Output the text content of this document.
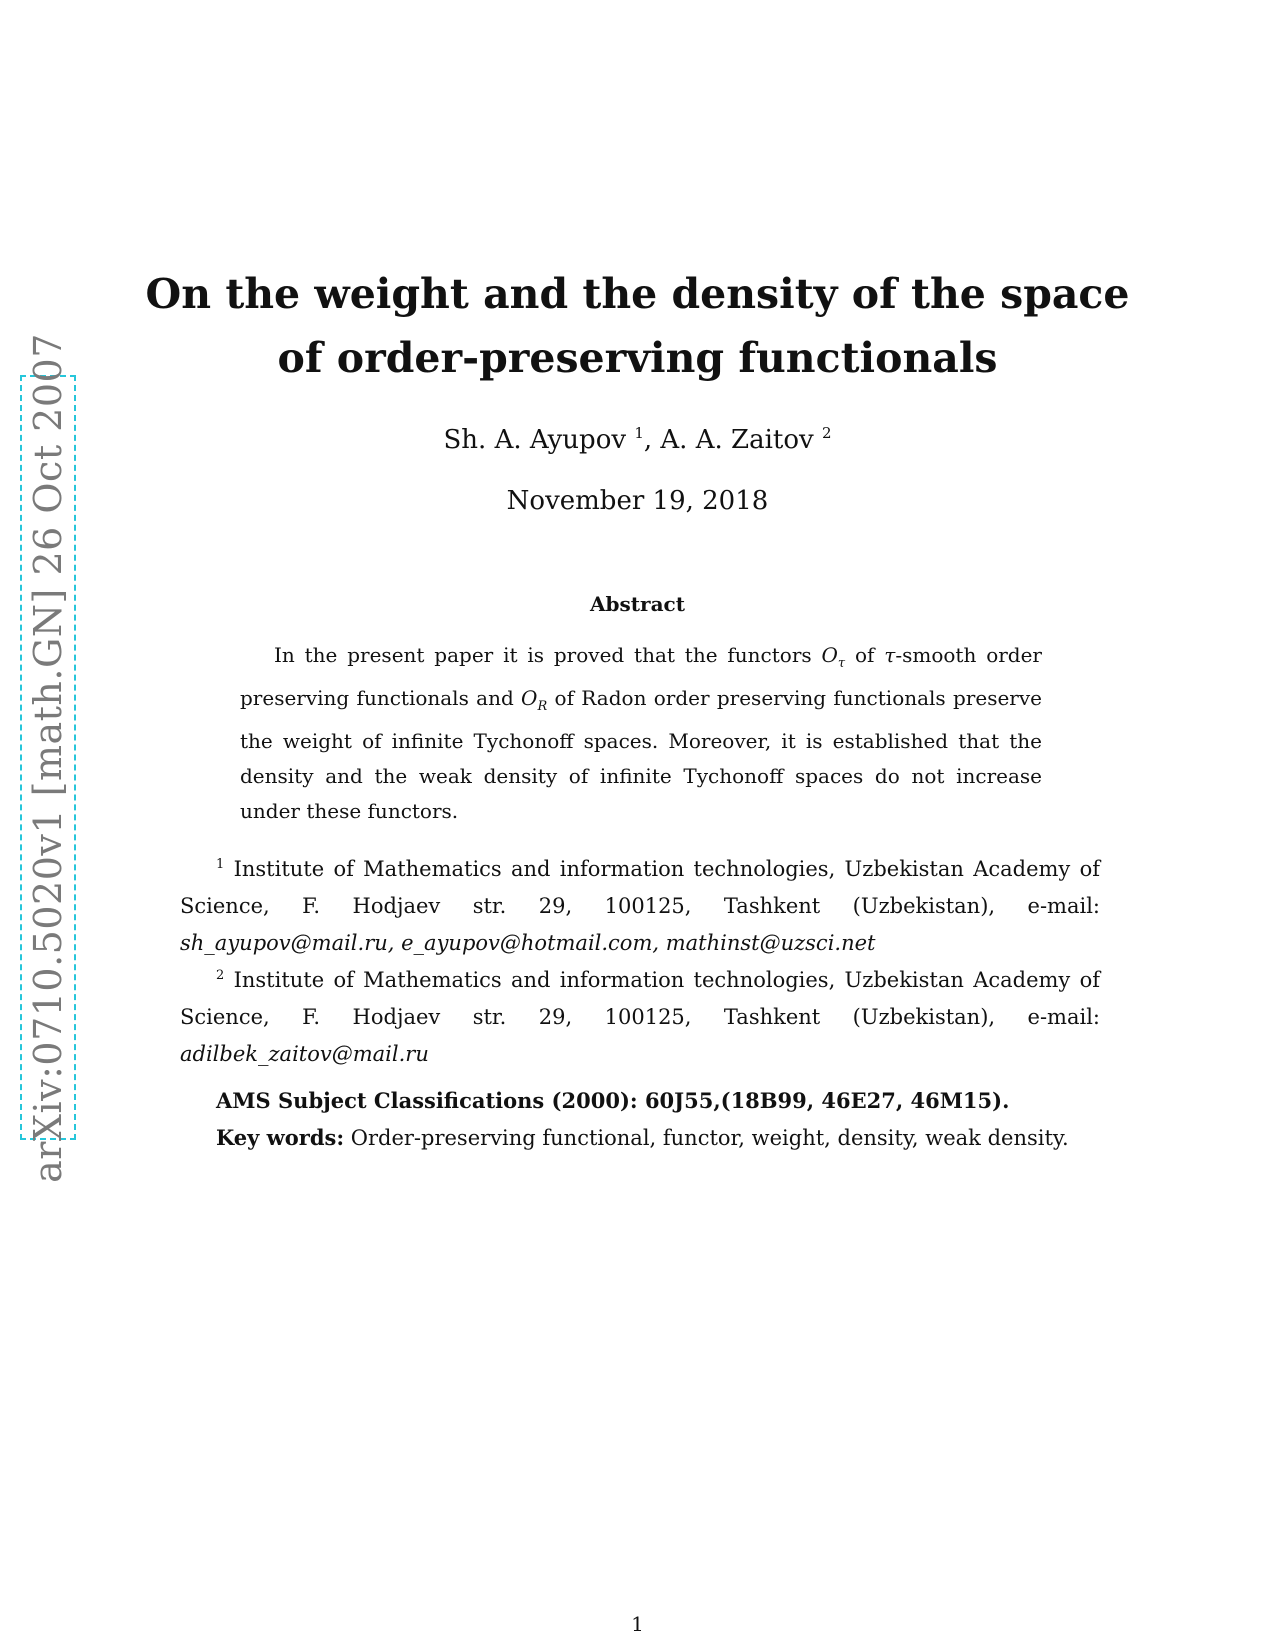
arXiv:0710.5020v1 [math.GN] 26 Oct 2007
On the weight and the density of the space
of order-preserving functionals

Sh. A. Ayupov $^1$, A. A. Zaitov $^2$

November 19, 2018

Abstract

In the present paper it is proved that the functors $O_\tau$ of τ-smooth order preserving functionals and $O_R$ of Radon order preserving functionals preserve the weight of infinite Tychonoff spaces. Moreover, it is established that the density and the weak density of infinite Tychonoff spaces do not increase under these functors.

$^1$ Institute of Mathematics and information technologies, Uzbekistan Academy of Science, F. Hodjaev str. 29, 100125, Tashkent (Uzbekistan), e-mail: sh_ayupov@mail.ru, e_ayupov@hotmail.com, mathinst@uzsci.net

$^2$ Institute of Mathematics and information technologies, Uzbekistan Academy of Science, F. Hodjaev str. 29, 100125, Tashkent (Uzbekistan), e-mail: adilbek_zaitov@mail.ru

AMS Subject Classifications (2000): 60J55,(18B99, 46E27, 46M15).

Key words: Order-preserving functional, functor, weight, density, weak density.

1
